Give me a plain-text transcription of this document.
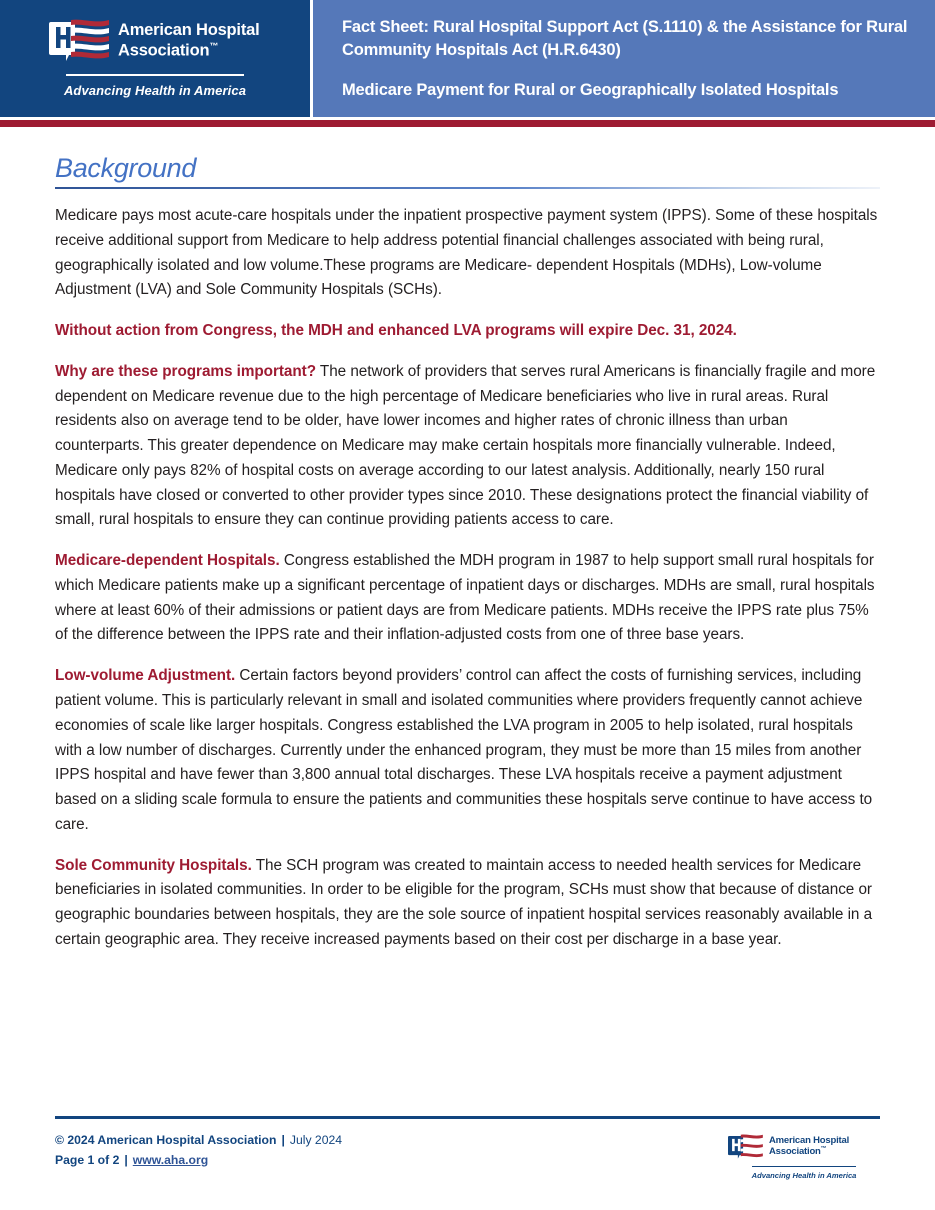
American Hospital
Association™
Advancing Health in America
Fact Sheet: Rural Hospital Support Act (S.1110) & the Assistance for Rural Community Hospitals Act (H.R.6430)
Medicare Payment for Rural or Geographically Isolated Hospitals
Background

Medicare pays most acute-care hospitals under the inpatient prospective payment system (IPPS). Some of these hospitals receive additional support from Medicare to help address potential financial challenges associated with being rural, geographically isolated and low volume.These programs are Medicare- dependent Hospitals (MDHs), Low-volume Adjustment (LVA) and Sole Community Hospitals (SCHs).

Without action from Congress, the MDH and enhanced LVA programs will expire Dec. 31, 2024.

Why are these programs important? The network of providers that serves rural Americans is financially fragile and more dependent on Medicare revenue due to the high percentage of Medicare beneficiaries who live in rural areas. Rural residents also on average tend to be older, have lower incomes and higher rates of chronic illness than urban counterparts. This greater dependence on Medicare may make certain hospitals more financially vulnerable. Indeed, Medicare only pays 82% of hospital costs on average according to our latest analysis. Additionally, nearly 150 rural hospitals have closed or converted to other provider types since 2010. These designations protect the financial viability of small, rural hospitals to ensure they can continue providing patients access to care.

Medicare-dependent Hospitals. Congress established the MDH program in 1987 to help support small rural hospitals for which Medicare patients make up a significant percentage of inpatient days or discharges. MDHs are small, rural hospitals where at least 60% of their admissions or patient days are from Medicare patients. MDHs receive the IPPS rate plus 75% of the difference between the IPPS rate and their inflation-adjusted costs from one of three base years.

Low-volume Adjustment. Certain factors beyond providers’ control can affect the costs of furnishing services, including patient volume. This is particularly relevant in small and isolated communities where providers frequently cannot achieve economies of scale like larger hospitals. Congress established the LVA program in 2005 to help isolated, rural hospitals with a low number of discharges. Currently under the enhanced program, they must be more than 15 miles from another IPPS hospital and have fewer than 3,800 annual total discharges. These LVA hospitals receive a payment adjustment based on a sliding scale formula to ensure the patients and communities these hospitals serve continue to have access to care.

Sole Community Hospitals. The SCH program was created to maintain access to needed health services for Medicare beneficiaries in isolated communities. In order to be eligible for the program, SCHs must show that because of distance or geographic boundaries between hospitals, they are the sole source of inpatient hospital services reasonably available in a certain geographic area. They receive increased payments based on their cost per discharge in a base year.

© 2024 American Hospital Association | July 2024
Page 1 of 2 | www.aha.org
American Hospital
Association™
Advancing Health in America
